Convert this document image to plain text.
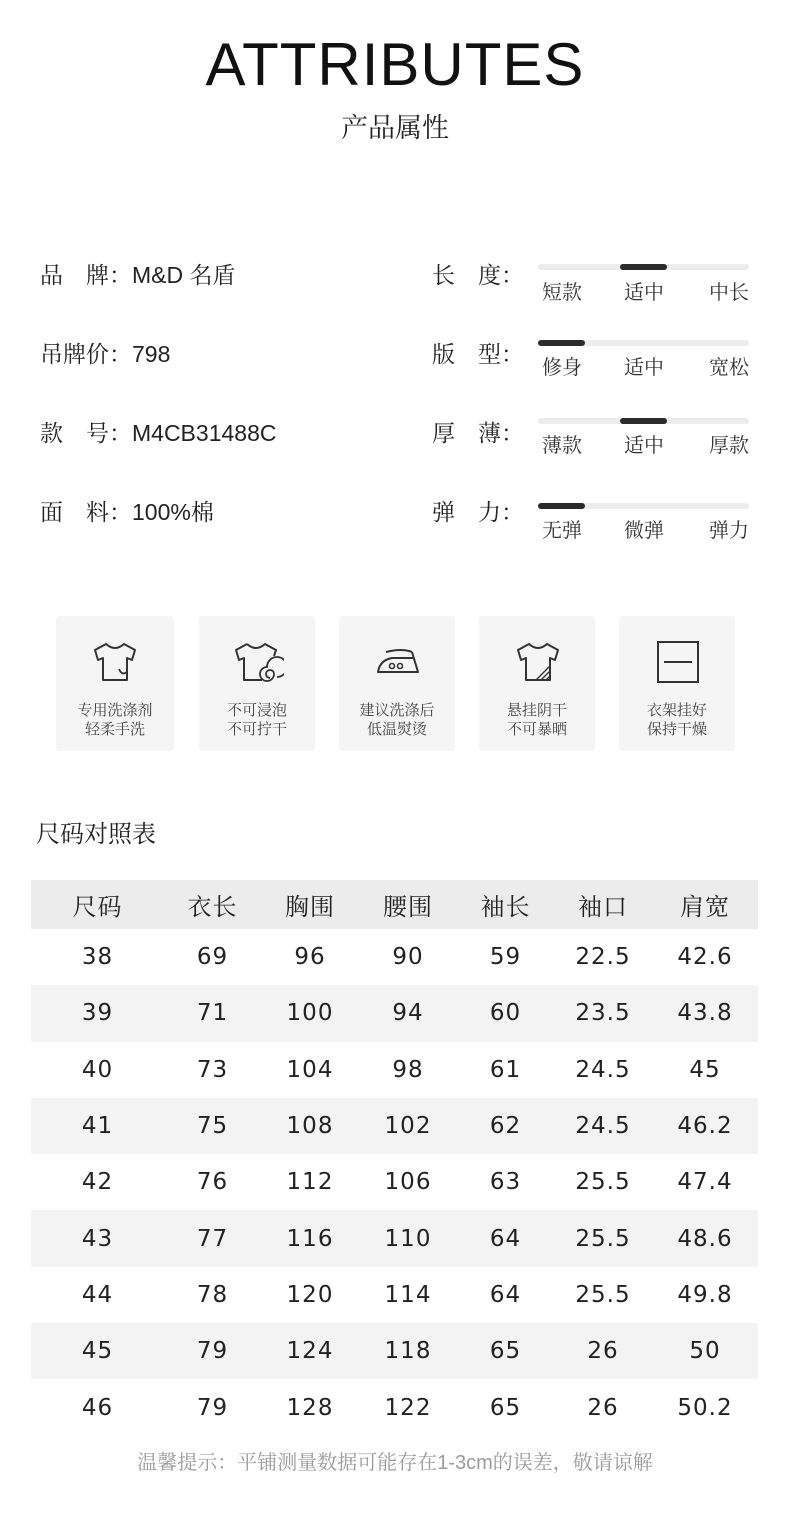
ATTRIBUTES
产品属性
品　牌：M&D 名盾
吊牌价：798
款　号：M4CB31488C
面　料：100%棉
长　度：
短款 适中 中长
版　型：
修身 适中 宽松
厚　薄： 薄款 适中 厚款
弹　力：
无弹 微弹 弹力
专用洗涤剂
轻柔手洗
不可浸泡
不可拧干
建议洗涤后
低温熨烫
悬挂阴干
不可暴晒
衣架挂好
保持干燥
尺码对照表
尺码	衣长	胸围	腰围	袖长	袖口	肩宽
38	69	96	90	59	22.5	42.6
39	71	100	94	60	23.5	43.8
40	73	104	98	61	24.5	45
41	75	108	102	62	24.5	46.2
42	76	112	106	63	25.5	47.4
43	77	116	110	64	25.5	48.6
44	78	120	114	64	25.5	49.8
45	79	124	118	65	26	50
46	79	128	122	65	26	50.2
温馨提示：平铺测量数据可能存在1-3cm的误差，敬请谅解
